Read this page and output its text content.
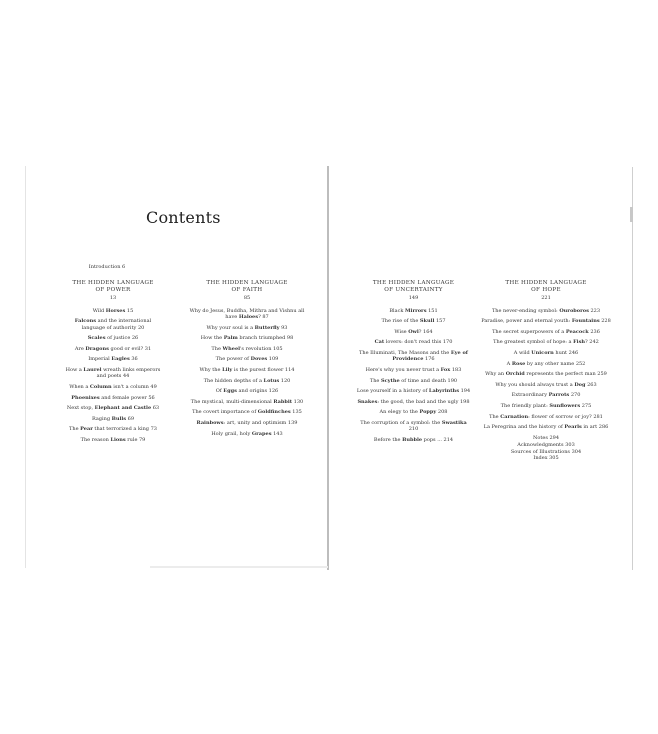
Contents
Introduction 6
THE HIDDEN LANGUAGE
OF POWER
13
Wild Horses 15
Falcons and the international language of authority 20
Scales of justice 26
Are Dragons good or evil? 31
Imperial Eagles 36
How a Laurel wreath links emperors and poets 44
When a Column isn't a column 49
Phoenixes and female power 56
Next stop, Elephant and Castle 63
Raging Bulls 69
The Pear that terrorized a king 73
The reason Lions rule 79
THE HIDDEN LANGUAGE
OF FAITH
85
Why do Jesus, Buddha, Mithra and Vishnu all have Haloes? 87
Why your soul is a Butterfly 93
How the Palm branch triumphed 98
The Wheel's revolution 105
The power of Doves 109
Why the Lily is the purest flower 114
The hidden depths of a Lotus 120
Of Eggs and origins 126
The mystical, multi-dimensional Rabbit 130
The covert importance of Goldfinches 135
Rainbows: art, unity and optimism 139
Holy grail, holy Grapes 143
THE HIDDEN LANGUAGE
OF UNCERTAINTY
149
Black Mirrors 151
The rise of the Skull 157
Wise Owl? 164
Cat lovers: don't read this 170
The Illuminati, The Masons and the Eye of Providence 176
Here's why you never trust a Fox 183
The Scythe of time and death 190
Lose yourself in a history of Labyrinths 194
Snakes: the good, the bad and the ugly 198
An elegy to the Poppy 208
The corruption of a symbol: the Swastika 210
Before the Bubble pops ... 214
THE HIDDEN LANGUAGE
OF HOPE
221
The never-ending symbol: Ouroboros 223
Paradise, power and eternal youth: Fountains 228
The secret superpowers of a Peacock 236
The greatest symbol of hope: a Fish? 242
A wild Unicorn hunt 246
A Rose by any other name 252
Why an Orchid represents the perfect man 259
Why you should always trust a Dog 263
Extraordinary Parrots 270
The friendly plant: Sunflowers 275
The Carnation: flower of sorrow or joy? 281
La Peregrina and the history of Pearls in art 286
Notes 294
Acknowledgments 303
Sources of Illustrations 304
Index 305
